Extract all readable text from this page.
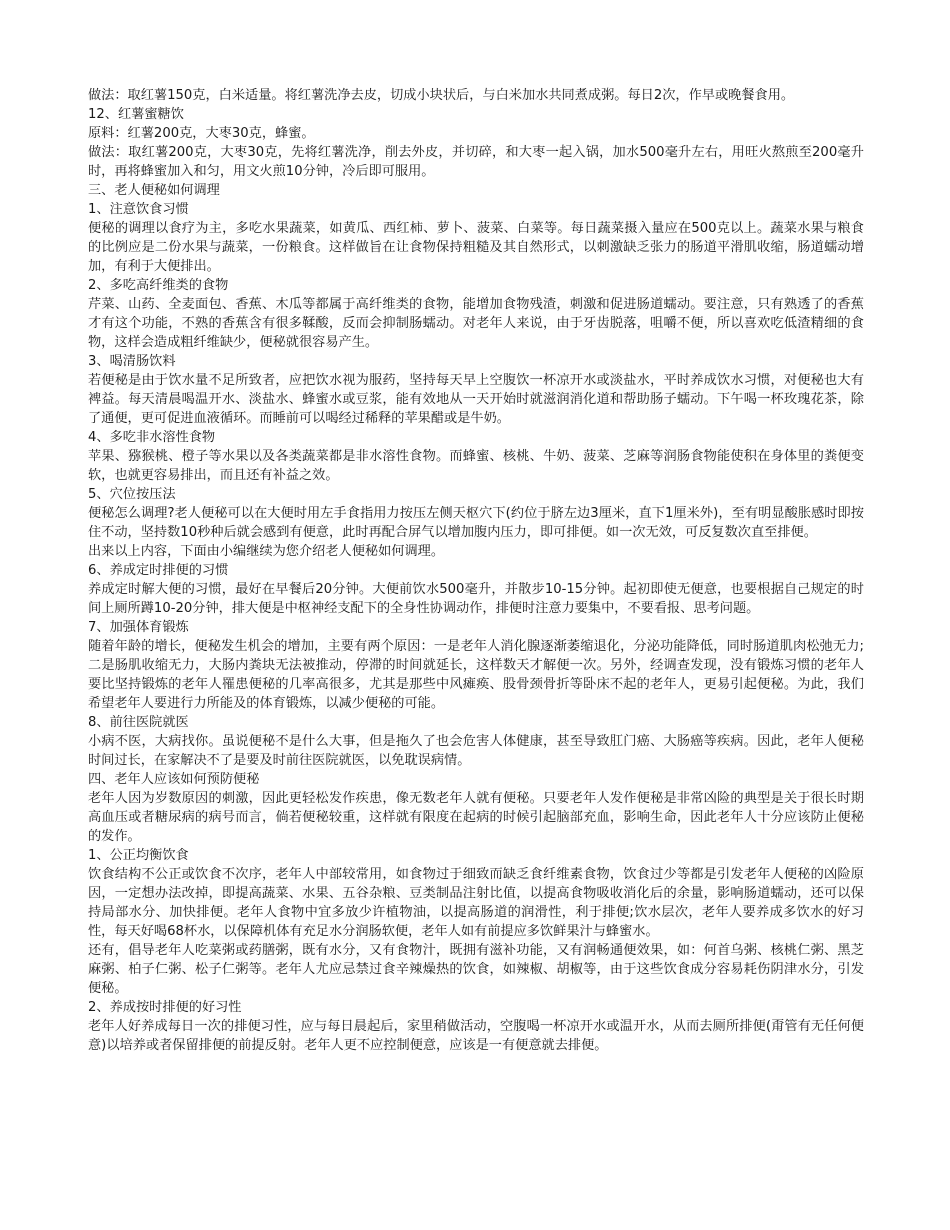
做法：取红薯150克，白米适量。将红薯洗净去皮，切成小块状后，与白米加水共同煮成粥。每日2次，作早或晚餐食用。

12、红薯蜜糖饮

原料：红薯200克，大枣30克，蜂蜜。

做法：取红薯200克，大枣30克，先将红薯洗净，削去外皮，并切碎，和大枣一起入锅，加水500毫升左右，用旺火熬煎至200毫升时，再将蜂蜜加入和匀，用文火煎10分钟，冷后即可服用。

三、老人便秘如何调理

1、注意饮食习惯

便秘的调理以食疗为主，多吃水果蔬菜，如黄瓜、西红柿、萝卜、菠菜、白菜等。每日蔬菜摄入量应在500克以上。蔬菜水果与粮食的比例应是二份水果与蔬菜，一份粮食。这样做旨在让食物保持粗糙及其自然形式，以刺激缺乏张力的肠道平滑肌收缩，肠道蠕动增加，有利于大便排出。

2、多吃高纤维类的食物

芹菜、山药、全麦面包、香蕉、木瓜等都属于高纤维类的食物，能增加食物残渣，刺激和促进肠道蠕动。要注意，只有熟透了的香蕉才有这个功能，不熟的香蕉含有很多鞣酸，反而会抑制肠蠕动。对老年人来说，由于牙齿脱落，咀嚼不便，所以喜欢吃低渣精细的食物，这样会造成粗纤维缺少，便秘就很容易产生。

3、喝清肠饮料

若便秘是由于饮水量不足所致者，应把饮水视为服药，坚持每天早上空腹饮一杯凉开水或淡盐水，平时养成饮水习惯，对便秘也大有裨益。每天清晨喝温开水、淡盐水、蜂蜜水或豆浆，能有效地从一天开始时就滋润消化道和帮助肠子蠕动。下午喝一杯玫瑰花茶，除了通便，更可促进血液循环。而睡前可以喝经过稀释的苹果醋或是牛奶。

4、多吃非水溶性食物

苹果、猕猴桃、橙子等水果以及各类蔬菜都是非水溶性食物。而蜂蜜、核桃、牛奶、菠菜、芝麻等润肠食物能使积在身体里的粪便变软，也就更容易排出，而且还有补益之效。

5、穴位按压法

便秘怎么调理?老人便秘可以在大便时用左手食指用力按压左侧天枢穴下(约位于脐左边3厘米，直下1厘米外)，至有明显酸胀感时即按住不动，坚持数10秒种后就会感到有便意，此时再配合屏气以增加腹内压力，即可排便。如一次无效，可反复数次直至排便。

出来以上内容，下面由小编继续为您介绍老人便秘如何调理。

6、养成定时排便的习惯

养成定时解大便的习惯，最好在早餐后20分钟。大便前饮水500毫升，并散步10-15分钟。起初即使无便意，也要根据自己规定的时间上厕所蹲10-20分钟，排大便是中枢神经支配下的全身性协调动作，排便时注意力要集中，不要看报、思考问题。

7、加强体育锻炼

随着年龄的增长，便秘发生机会的增加，主要有两个原因：一是老年人消化腺逐渐萎缩退化，分泌功能降低，同时肠道肌肉松弛无力;二是肠肌收缩无力，大肠内粪块无法被推动，停滞的时间就延长，这样数天才解便一次。另外，经调查发现，没有锻炼习惯的老年人要比坚持锻炼的老年人罹患便秘的几率高很多，尤其是那些中风瘫痪、股骨颈骨折等卧床不起的老年人，更易引起便秘。为此，我们希望老年人要进行力所能及的体育锻炼，以减少便秘的可能。

8、前往医院就医

小病不医，大病找你。虽说便秘不是什么大事，但是拖久了也会危害人体健康，甚至导致肛门癌、大肠癌等疾病。因此，老年人便秘时间过长，在家解决不了是要及时前往医院就医，以免耽误病情。

四、老年人应该如何预防便秘

老年人因为岁数原因的刺激，因此更轻松发作疾患，像无数老年人就有便秘。只要老年人发作便秘是非常凶险的典型是关于很长时期高血压或者糖尿病的病号而言，倘若便秘较重，这样就有限度在起病的时候引起脑部充血，影响生命，因此老年人十分应该防止便秘的发作。

1、公正均衡饮食

饮食结构不公正或饮食不次序，老年人中部较常用，如食物过于细致而缺乏食纤维素食物，饮食过少等都是引发老年人便秘的凶险原因，一定想办法改掉，即提高蔬菜、水果、五谷杂粮、豆类制品注射比值，以提高食物吸收消化后的余量，影响肠道蠕动，还可以保持局部水分、加快排便。老年人食物中宜多放少许植物油，以提高肠道的润滑性，利于排便;饮水层次，老年人要养成多饮水的好习性，每天好喝68杯水，以保障机体有充足水分润肠软便，老年人如有前提应多饮鲜果汁与蜂蜜水。

还有，倡导老年人吃菜粥或药膳粥，既有水分，又有食物汁，既拥有滋补功能，又有润畅通便效果，如：何首乌粥、核桃仁粥、黑芝麻粥、柏子仁粥、松子仁粥等。老年人尤应忌禁过食辛辣燥热的饮食，如辣椒、胡椒等，由于这些饮食成分容易耗伤阴津水分，引发便秘。

2、养成按时排便的好习性

老年人好养成每日一次的排便习性，应与每日晨起后，家里稍做活动，空腹喝一杯凉开水或温开水，从而去厕所排便(甭管有无任何便意)以培养或者保留排便的前提反射。老年人更不应控制便意，应该是一有便意就去排便。
